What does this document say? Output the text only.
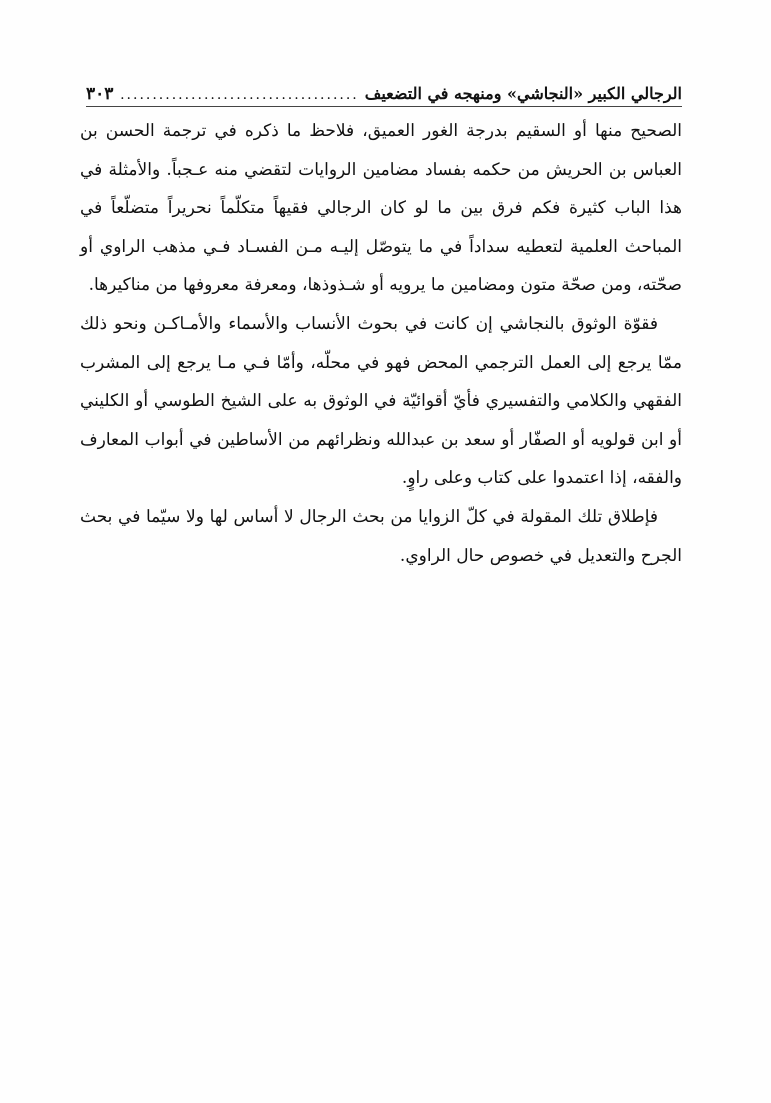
الرجالي الكبير «النجاشي» ومنهجه في التضعيف
.....
٣٠٣

الصحيح منها أو السقيم بدرجة الغور العميق، فلاحظ ما ذكره في ترجمة الحسن بن العباس بن الحريش من حكمه بفساد مضامين الروايات لتقضي منه عـجباً. والأمثلة في هذا الباب كثيرة فكم فرق بين ما لو كان الرجالي فقيهاً متكلّماً نحريراً متضلّعاً في المباحث العلمية لتعطيه سداداً في ما يتوصّل إليـه مـن الفسـاد فـي مذهب الراوي أو صحّته، ومن صحّة متون ومضامين ما يرويه أو شـذوذها، ومعرفة معروفها من مناكيرها.

فقوّة الوثوق بالنجاشي إن كانت في بحوث الأنساب والأسماء والأمـاكـن ونحو ذلك ممّا يرجع إلى العمل الترجمي المحض فهو في محلّه، وأمّا فـي مـا يرجع إلى المشرب الفقهي والكلامي والتفسيري فأيّ أقوائيّة في الوثوق به على الشيخ الطوسي أو الكليني أو ابن قولويه أو الصفّار أو سعد بن عبدالله ونظرائهم من الأساطين في أبواب المعارف والفقه، إذا اعتمدوا على كتاب وعلى راوٍ.

فإطلاق تلك المقولة في كلّ الزوايا من بحث الرجال لا أساس لها ولا سيّما في بحث الجرح والتعديل في خصوص حال الراوي.
